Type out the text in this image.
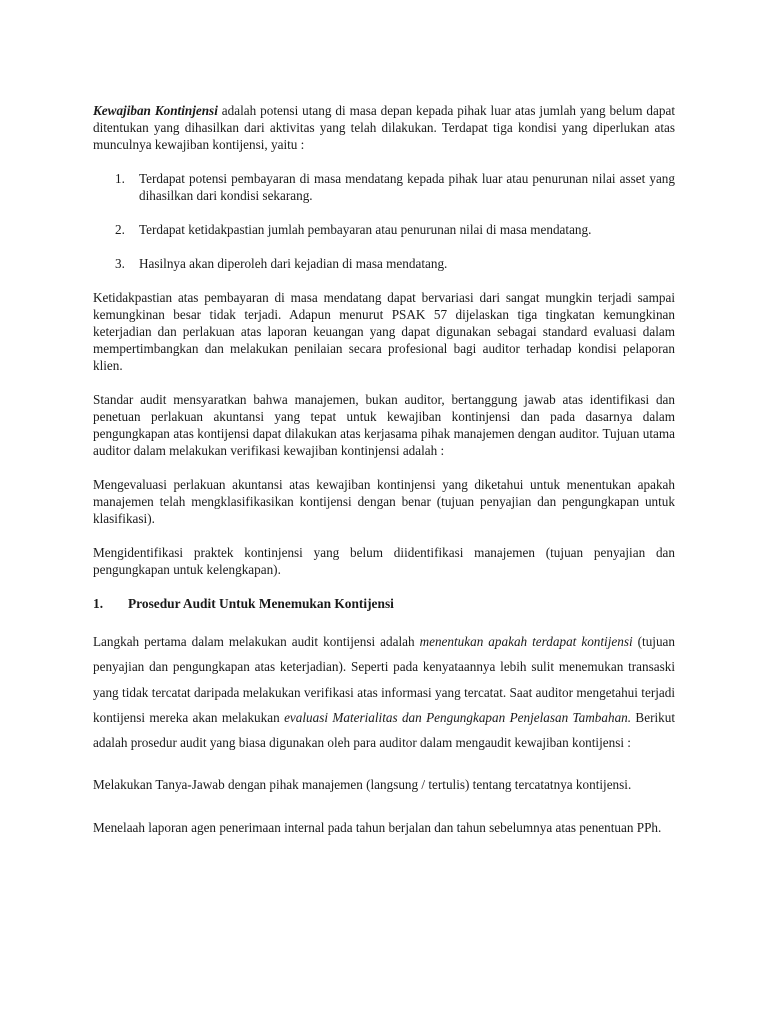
Kewajiban Kontinjensi adalah potensi utang di masa depan kepada pihak luar atas jumlah yang belum dapat ditentukan yang dihasilkan dari aktivitas yang telah dilakukan. Terdapat tiga kondisi yang diperlukan atas munculnya kewajiban kontijensi, yaitu :

1. Terdapat potensi pembayaran di masa mendatang kepada pihak luar atau penurunan nilai asset yang dihasilkan dari kondisi sekarang.
2. Terdapat ketidakpastian jumlah pembayaran atau penurunan nilai di masa mendatang.
3. Hasilnya akan diperoleh dari kejadian di masa mendatang.

Ketidakpastian atas pembayaran di masa mendatang dapat bervariasi dari sangat mungkin terjadi sampai kemungkinan besar tidak terjadi. Adapun menurut PSAK 57 dijelaskan tiga tingkatan kemungkinan keterjadian dan perlakuan atas laporan keuangan yang dapat digunakan sebagai standard evaluasi dalam mempertimbangkan dan melakukan penilaian secara profesional bagi auditor terhadap kondisi pelaporan klien.

Standar audit mensyaratkan bahwa manajemen, bukan auditor, bertanggung jawab atas identifikasi dan penetuan perlakuan akuntansi yang tepat untuk kewajiban kontinjensi dan pada dasarnya dalam pengungkapan atas kontijensi dapat dilakukan atas kerjasama pihak manajemen dengan auditor. Tujuan utama auditor dalam melakukan verifikasi kewajiban kontinjensi adalah :

Mengevaluasi perlakuan akuntansi atas kewajiban kontinjensi yang diketahui untuk menentukan apakah manajemen telah mengklasifikasikan kontijensi dengan benar (tujuan penyajian dan pengungkapan untuk klasifikasi).

Mengidentifikasi praktek kontinjensi yang belum diidentifikasi manajemen (tujuan penyajian dan pengungkapan untuk kelengkapan).

1. Prosedur Audit Untuk Menemukan Kontijensi

Langkah pertama dalam melakukan audit kontijensi adalah menentukan apakah terdapat kontijensi (tujuan penyajian dan pengungkapan atas keterjadian). Seperti pada kenyataannya lebih sulit menemukan transaski yang tidak tercatat daripada melakukan verifikasi atas informasi yang tercatat. Saat auditor mengetahui terjadi kontijensi mereka akan melakukan evaluasi Materialitas dan Pengungkapan Penjelasan Tambahan. Berikut adalah prosedur audit yang biasa digunakan oleh para auditor dalam mengaudit kewajiban kontijensi :

Melakukan Tanya-Jawab dengan pihak manajemen (langsung / tertulis) tentang tercatatnya kontijensi.

Menelaah laporan agen penerimaan internal pada tahun berjalan dan tahun sebelumnya atas penentuan PPh.
